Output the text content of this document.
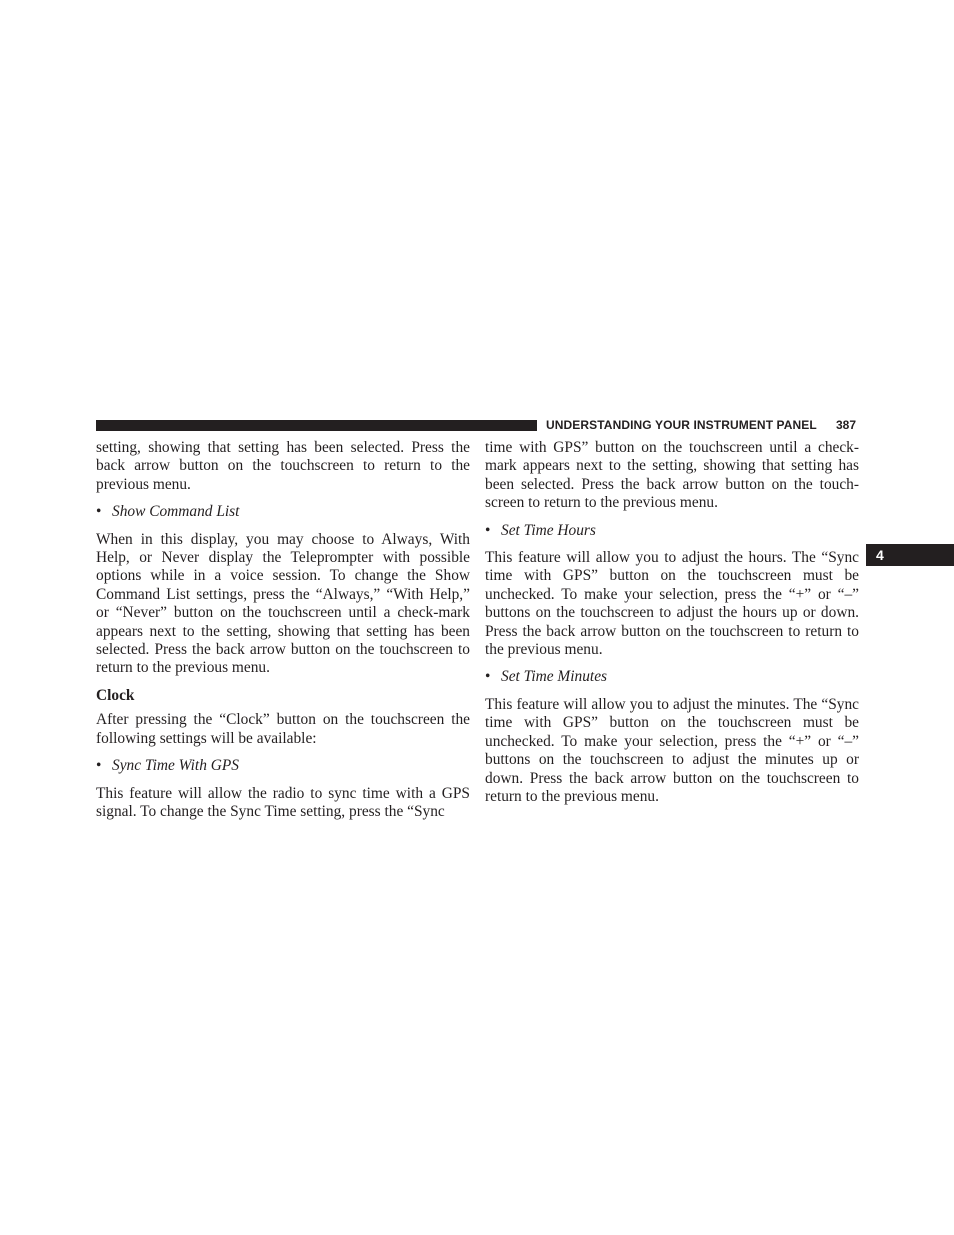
UNDERSTANDING YOUR INSTRUMENT PANEL 387
4

setting, showing that setting has been selected. Press the back arrow button on the touchscreen to return to the previous menu.

• Show Command List

When in this display, you may choose to Always, With Help, or Never display the Teleprompter with possible options while in a voice session. To change the Show Command List settings, press the “Always,” “With Help,” or “Never” button on the touchscreen until a check-mark appears next to the setting, showing that setting has been selected. Press the back arrow button on the touchscreen to return to the previous menu.

Clock

After pressing the “Clock” button on the touchscreen the following settings will be available:

• Sync Time With GPS

This feature will allow the radio to sync time with a GPS signal. To change the Sync Time setting, press the “Sync

time with GPS” button on the touchscreen until a check-mark appears next to the setting, showing that setting has been selected. Press the back arrow button on the touch-screen to return to the previous menu.

• Set Time Hours

This feature will allow you to adjust the hours. The “Sync time with GPS” button on the touchscreen must be unchecked. To make your selection, press the “+” or “–” buttons on the touchscreen to adjust the hours up or down. Press the back arrow button on the touchscreen to return to the previous menu.

• Set Time Minutes

This feature will allow you to adjust the minutes. The “Sync time with GPS” button on the touchscreen must be unchecked. To make your selection, press the “+” or “–” buttons on the touchscreen to adjust the minutes up or down. Press the back arrow button on the touchscreen to return to the previous menu.
